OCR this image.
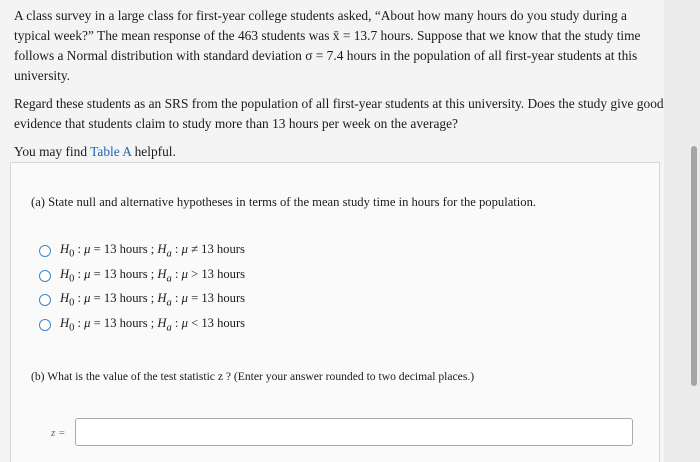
A class survey in a large class for first-year college students asked, “About how many hours do you study during a typical week?” The mean response of the 463 students was x̄ = 13.7 hours. Suppose that we know that the study time follows a Normal distribution with standard deviation σ = 7.4 hours in the population of all first-year students at this university.

Regard these students as an SRS from the population of all first-year students at this university. Does the study give good evidence that students claim to study more than 13 hours per week on the average?

You may find Table A helpful.

(a) State null and alternative hypotheses in terms of the mean study time in hours for the population.
$H_0$ : μ = 13 hours ; $H_a$ : μ ≠ 13 hours
$H_0$ : μ = 13 hours ; $H_a$ : μ > 13 hours
$H_0$ : μ = 13 hours ; $H_a$ : μ = 13 hours
$H_0$ : μ = 13 hours ; $H_a$ : μ < 13 hours
(b) What is the value of the test statistic z ? (Enter your answer rounded to two decimal places.)
z =
